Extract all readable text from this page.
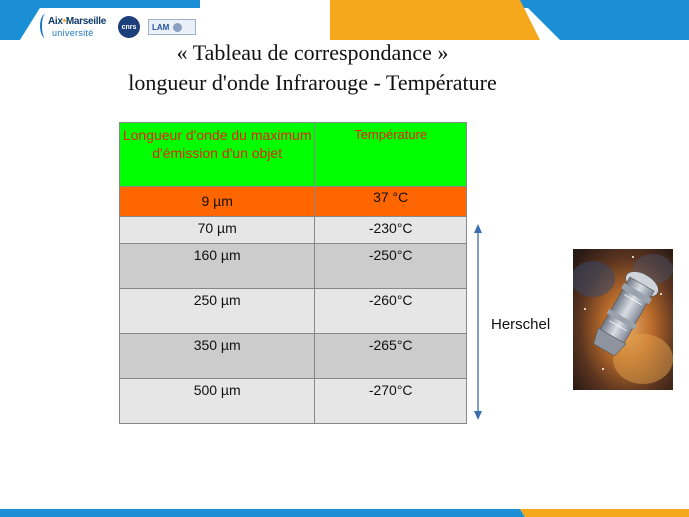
Aix•Marseille
université
cnrs	LAM
« Tableau de correspondance »
longueur d'onde Infrarouge - Température
Longueur d'onde du maximum d'émission d'un objet	Température
9 µm	37 °C
70 µm	-230°C
160 µm	-250°C
250 µm	-260°C
350 µm	-265°C
500 µm	-270°C
Herschel
